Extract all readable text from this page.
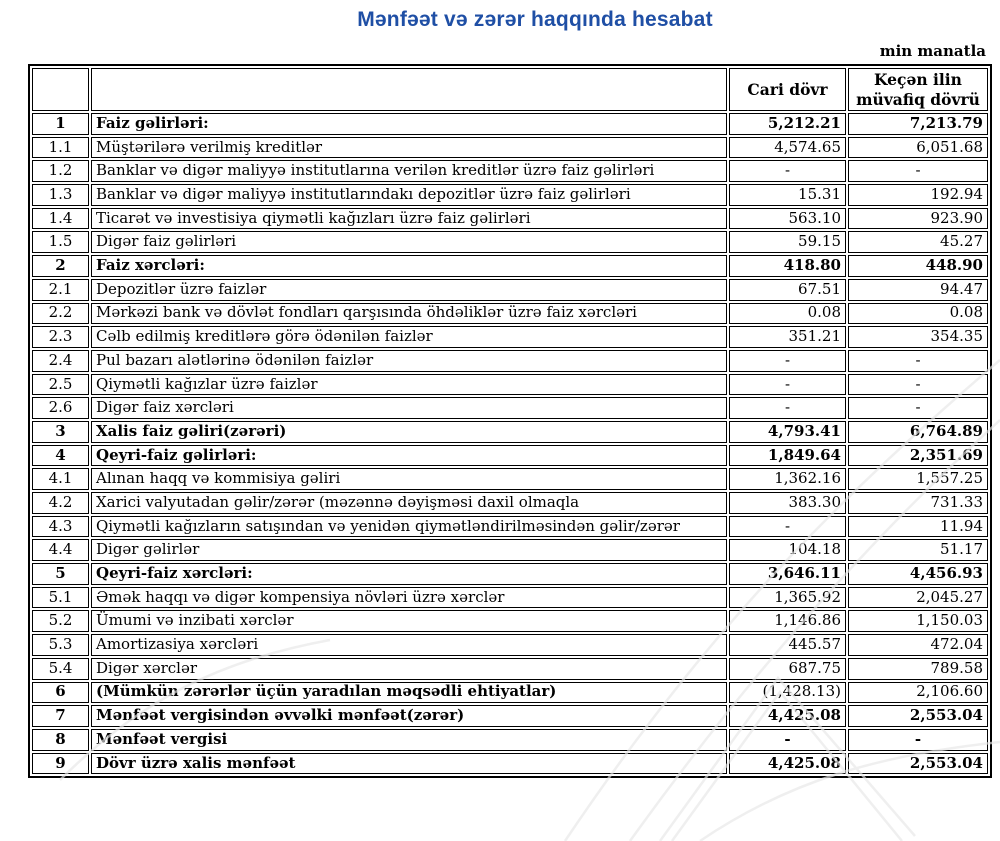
Mənfəət və zərər haqqında hesabat
min manatla
		Cari dövr	Keçən ilin müvafiq dövrü
1	Faiz gəlirləri:	5,212.21	7,213.79
1.1	Müştərilərə verilmiş kreditlər	4,574.65	6,051.68
1.2	Banklar və digər maliyyə institutlarına verilən kreditlər üzrə faiz gəlirləri	-	-
1.3	Banklar və digər maliyyə institutlarındakı depozitlər üzrə faiz gəlirləri	15.31	192.94
1.4	Ticarət və investisiya qiymətli kağızları üzrə faiz gəlirləri	563.10	923.90
1.5	Digər faiz gəlirləri	59.15	45.27
2	Faiz xərcləri:	418.80	448.90
2.1	Depozitlər üzrə faizlər	67.51	94.47
2.2	Mərkəzi bank və dövlət fondları qarşısında öhdəliklər üzrə faiz xərcləri	0.08	0.08
2.3	Cəlb edilmiş kreditlərə görə ödənilən faizlər	351.21	354.35
2.4	Pul bazarı alətlərinə ödənilən faizlər	-	-
2.5	Qiymətli kağızlar üzrə faizlər	-	-
2.6	Digər faiz xərcləri	-	-
3	Xalis faiz gəliri(zərəri)	4,793.41	6,764.89
4	Qeyri-faiz gəlirləri:	1,849.64	2,351.69
4.1	Alınan haqq və kommisiya gəliri	1,362.16	1,557.25
4.2	Xarici valyutadan gəlir/zərər (məzənnə dəyişməsi daxil olmaqla	383.30	731.33
4.3	Qiymətli kağızların satışından və yenidən qiymətləndirilməsindən gəlir/zərər	-	11.94
4.4	Digər gəlirlər	104.18	51.17
5	Qeyri-faiz xərcləri:	3,646.11	4,456.93
5.1	Əmək haqqı və digər kompensiya növləri üzrə xərclər	1,365.92	2,045.27
5.2	Ümumi və inzibati xərclər	1,146.86	1,150.03
5.3	Amortizasiya xərcləri	445.57	472.04
5.4	Digər xərclər	687.75	789.58
6	(Mümkün zərərlər üçün yaradılan məqsədli ehtiyatlar)	(1,428.13)	2,106.60
7	Mənfəət vergisindən əvvəlki mənfəət(zərər)	4,425.08	2,553.04
8	Mənfəət vergisi	-	-
9	Dövr üzrə xalis mənfəət	4,425.08	2,553.04
